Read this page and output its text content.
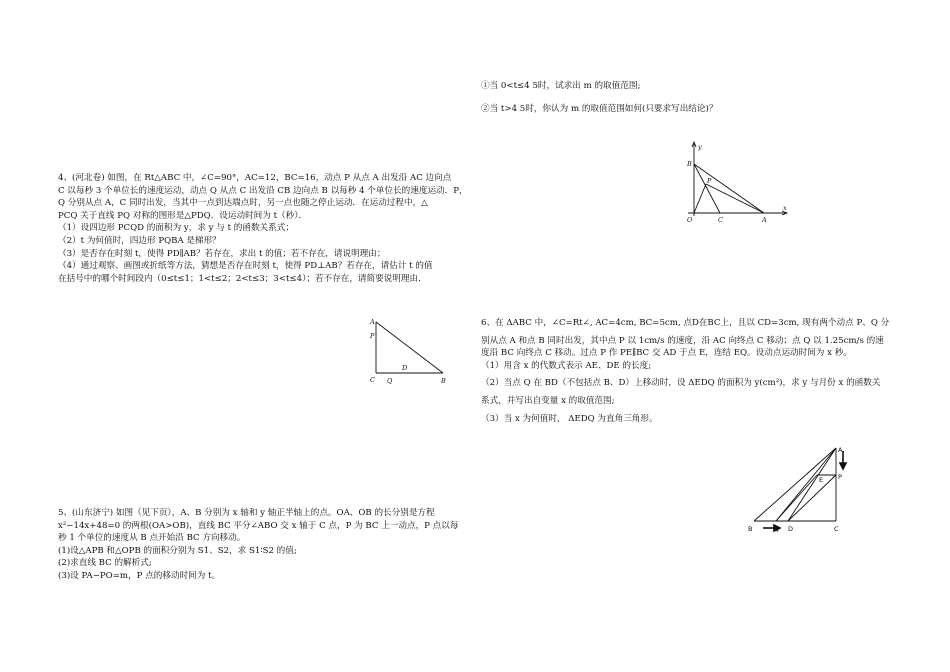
4、(河北卷) 如图，在 Rt△ABC 中，∠C=90°，AC=12，BC=16，动点 P 从点 A 出发沿 AC 边向点
C 以每秒 3 个单位长的速度运动，动点 Q 从点 C 出发沿 CB 边向点 B 以每秒 4 个单位长的速度运动．P，
Q 分别从点 A，C 同时出发，当其中一点到达端点时，另一点也随之停止运动．在运动过程中，△
PCQ 关于直线 PQ 对称的图形是△PDQ．设运动时间为 t（秒）．
（1）设四边形 PCQD 的面积为 y，求 y 与 t 的函数关系式；
（2）t 为何值时，四边形 PQBA 是梯形？
（3）是否存在时刻 t，使得 PD∥AB？若存在，求出 t 的值；若不存在，请说明理由；
（4）通过观察、画图或折纸等方法，猜想是否存在时刻 t，使得 PD⊥AB？若存在，请估计 t 的值
在括号中的哪个时间段内（0≤t≤1；1<t≤2；2<t≤3；3<t≤4）；若不存在，请简要说明理由．
A
P
D
C Q	B
5、(山东济宁) 如图（见下页），A、B 分别为 x 轴和 y 轴正半轴上的点。OA、OB 的长分别是方程
x²−14x+48=0 的两根(OA>OB)，直线 BC 平分∠ABO 交 x 轴于 C 点，P 为 BC 上一动点，P 点以每
秒 1 个单位的速度从 B 点开始沿 BC 方向移动。
(1)设△APB 和△OPB 的面积分别为 S1、S2，求 S1∶S2 的值;
(2)求直线 BC 的解析式;
(3)设 PA−PO=m，P 点的移动时间为 t。
①当 0<t≤4 5时，试求出 m 的取值范围;
②当 t>4 5时，你认为 m 的取值范围如何(只要求写出结论)？
y
x
B
P
O	C	A
6、在 ΔABC 中，∠C=Rt∠, AC=4cm, BC=5cm, 点D在BC上，且以 CD=3cm, 现有两个动点 P、Q 分
别从点 A 和点 B 同时出发，其中点 P 以 1cm/s 的速度，沿 AC 向终点 C 移动；点 Q 以 1.25cm/s 的速
度沿 BC 向终点 C 移动。过点 P 作 PE∥BC 交 AD 于点 E，连结 EQ。设动点运动时间为 x 秒。
（1）用含 x 的代数式表示 AE、DE 的长度;
（2）当点 Q 在 BD（不包括点 B、D）上移动时，设 ΔEDQ 的面积为 y(cm²)，求 y 与月份 x 的函数关
系式，并写出自变量 x 的取值范围;
（3）当 x 为何值时， ΔEDQ 为直角三角形。
A
E P
B	Q D	C
